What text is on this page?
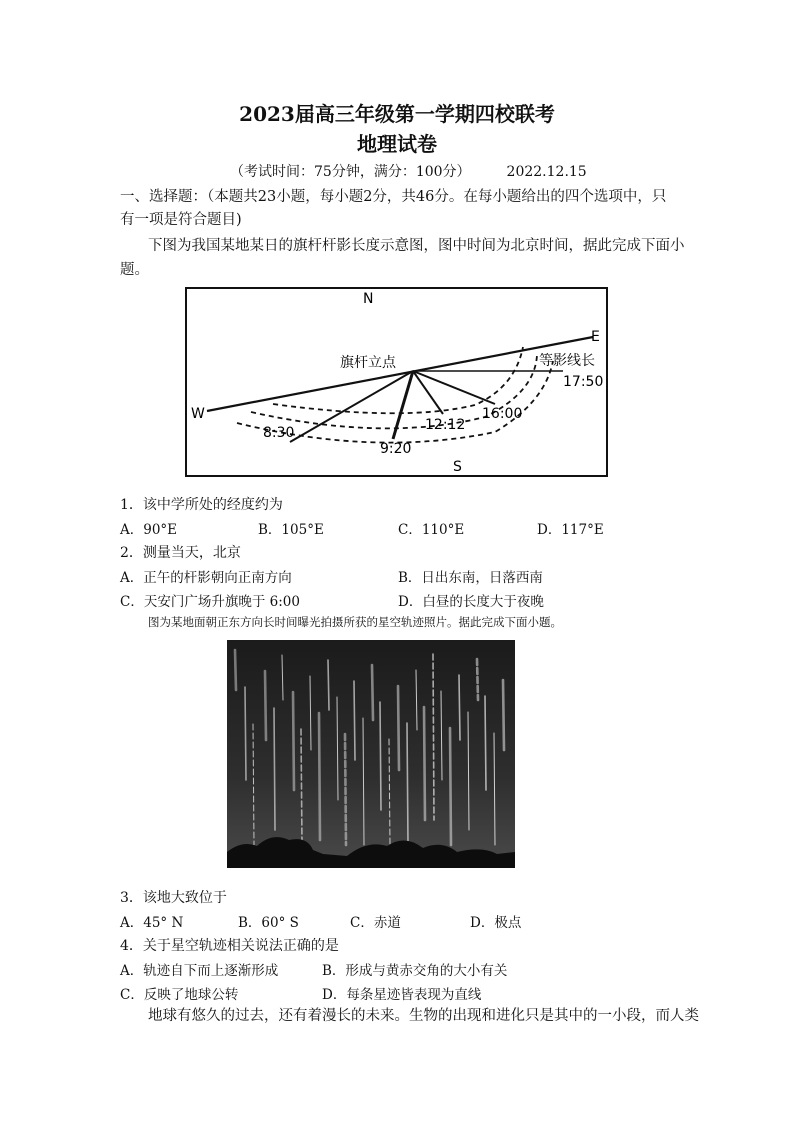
2023届高三年级第一学期四校联考
地理试卷
（考试时间：75分钟，满分：100分）	2022.12.15
一、选择题：（本题共23小题，每小题2分，共46分。在每小题给出的四个选项中，只
有一项是符合题目)
下图为我国某地某日的旗杆杆影长度示意图，图中时间为北京时间，据此完成下面小
题。
N
S
E
W
旗杆立点	等影线长
17:50
16:00
12:12
9:20
8:30
1．该中学所处的经度约为
A．90°E	B．105°E	C．110°E	D．117°E
2．测量当天，北京
A．正午的杆影朝向正南方向	B．日出东南，日落西南
C．天安门广场升旗晚于 6:00	D．白昼的长度大于夜晚
图为某地面朝正东方向长时间曝光拍摄所获的星空轨迹照片。据此完成下面小题。
3．该地大致位于
A．45° N	B．60° S	C．赤道	D．极点
4．关于星空轨迹相关说法正确的是
A．轨迹自下而上逐渐形成	B．形成与黄赤交角的大小有关
C．反映了地球公转	D．每条星迹皆表现为直线
地球有悠久的过去，还有着漫长的未来。生物的出现和进化只是其中的一小段，而人类
